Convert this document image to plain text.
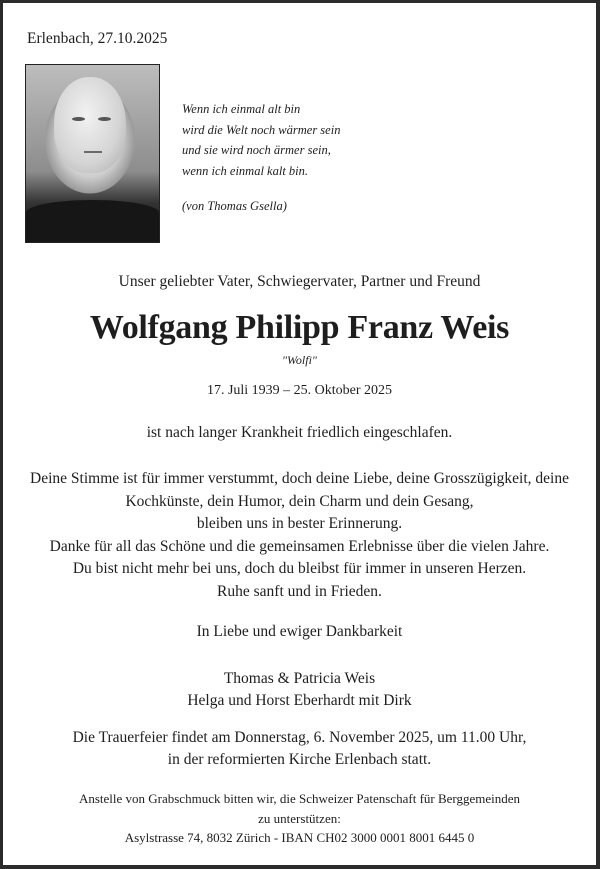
Erlenbach, 27.10.2025
Wenn ich einmal alt bin
wird die Welt noch wärmer sein
und sie wird noch ärmer sein,
wenn ich einmal kalt bin.
(von Thomas Gsella)
Unser geliebter Vater, Schwiegervater, Partner und Freund
Wolfgang Philipp Franz Weis
"Wolfi"
17. Juli 1939 – 25. Oktober 2025
ist nach langer Krankheit friedlich eingeschlafen.
Deine Stimme ist für immer verstummt, doch deine Liebe, deine Grosszügigkeit, deine
Kochkünste, dein Humor, dein Charm und dein Gesang,
bleiben uns in bester Erinnerung.
Danke für all das Schöne und die gemeinsamen Erlebnisse über die vielen Jahre.
Du bist nicht mehr bei uns, doch du bleibst für immer in unseren Herzen.
Ruhe sanft und in Frieden.
In Liebe und ewiger Dankbarkeit
Thomas & Patricia Weis
Helga und Horst Eberhardt mit Dirk
Die Trauerfeier findet am Donnerstag, 6. November 2025, um 11.00 Uhr,
in der reformierten Kirche Erlenbach statt.
Anstelle von Grabschmuck bitten wir, die Schweizer Patenschaft für Berggemeinden
zu unterstützen:
Asylstrasse 74, 8032 Zürich - IBAN CH02 3000 0001 8001 6445 0
